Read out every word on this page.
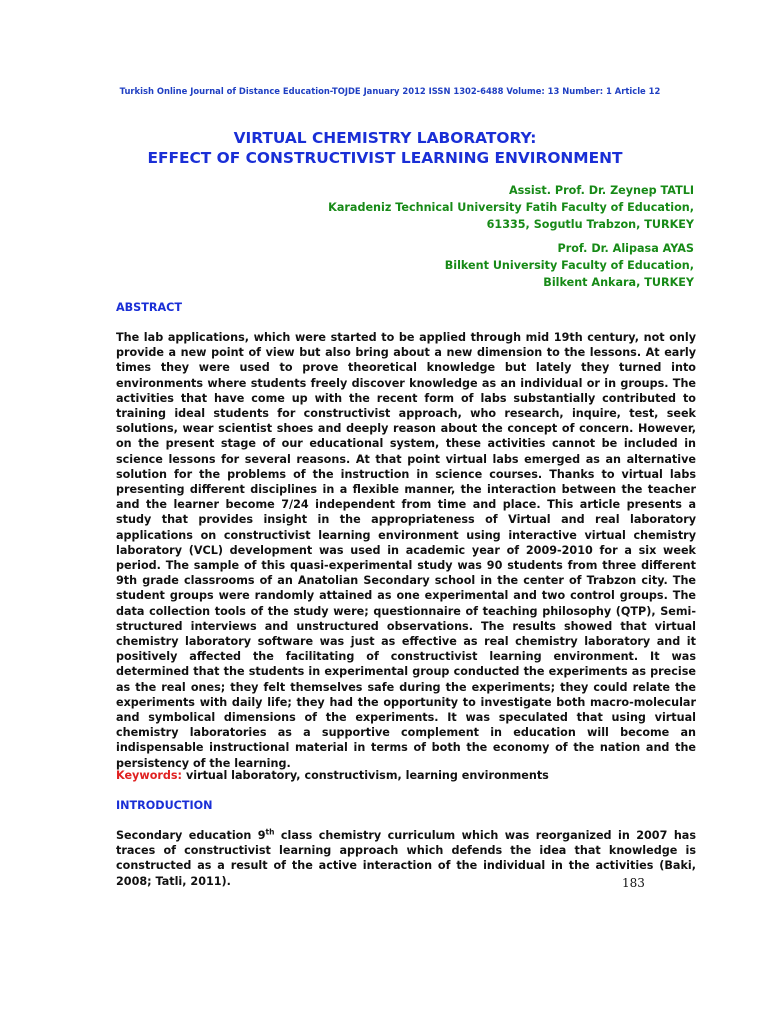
Turkish Online Journal of Distance Education-TOJDE January 2012 ISSN 1302-6488 Volume: 13 Number: 1 Article 12
VIRTUAL CHEMISTRY LABORATORY:
EFFECT OF CONSTRUCTIVIST LEARNING ENVIRONMENT
Assist. Prof. Dr. Zeynep TATLI
Karadeniz Technical University Fatih Faculty of Education,
61335, Sogutlu Trabzon, TURKEY
Prof. Dr. Alipasa AYAS
Bilkent University Faculty of Education,
Bilkent Ankara, TURKEY
ABSTRACT
The lab applications, which were started to be applied through mid 19th century, not only provide a new point of view but also bring about a new dimension to the lessons. At early times they were used to prove theoretical knowledge but lately they turned into environments where students freely discover knowledge as an individual or in groups. The activities that have come up with the recent form of labs substantially contributed to training ideal students for constructivist approach, who research, inquire, test, seek solutions, wear scientist shoes and deeply reason about the concept of concern. However, on the present stage of our educational system, these activities cannot be included in science lessons for several reasons. At that point virtual labs emerged as an alternative solution for the problems of the instruction in science courses. Thanks to virtual labs presenting different disciplines in a flexible manner, the interaction between the teacher and the learner become 7/24 independent from time and place. This article presents a study that provides insight in the appropriateness of Virtual and real laboratory applications on constructivist learning environment using interactive virtual chemistry laboratory (VCL) development was used in academic year of 2009-2010 for a six week period. The sample of this quasi-experimental study was 90 students from three different 9th grade classrooms of an Anatolian Secondary school in the center of Trabzon city. The student groups were randomly attained as one experimental and two control groups. The data collection tools of the study were; questionnaire of teaching philosophy (QTP), Semi-structured interviews and unstructured observations. The results showed that virtual chemistry laboratory software was just as effective as real chemistry laboratory and it positively affected the facilitating of constructivist learning environment. It was determined that the students in experimental group conducted the experiments as precise as the real ones; they felt themselves safe during the experiments; they could relate the experiments with daily life; they had the opportunity to investigate both macro-molecular and symbolical dimensions of the experiments. It was speculated that using virtual chemistry laboratories as a supportive complement in education will become an indispensable instructional material in terms of both the economy of the nation and the persistency of the learning.
Keywords: virtual laboratory, constructivism, learning environments
INTRODUCTION
Secondary education 9th class chemistry curriculum which was reorganized in 2007 has traces of constructivist learning approach which defends the idea that knowledge is constructed as a result of the active interaction of the individual in the activities (Baki, 2008; Tatli, 2011).	183
